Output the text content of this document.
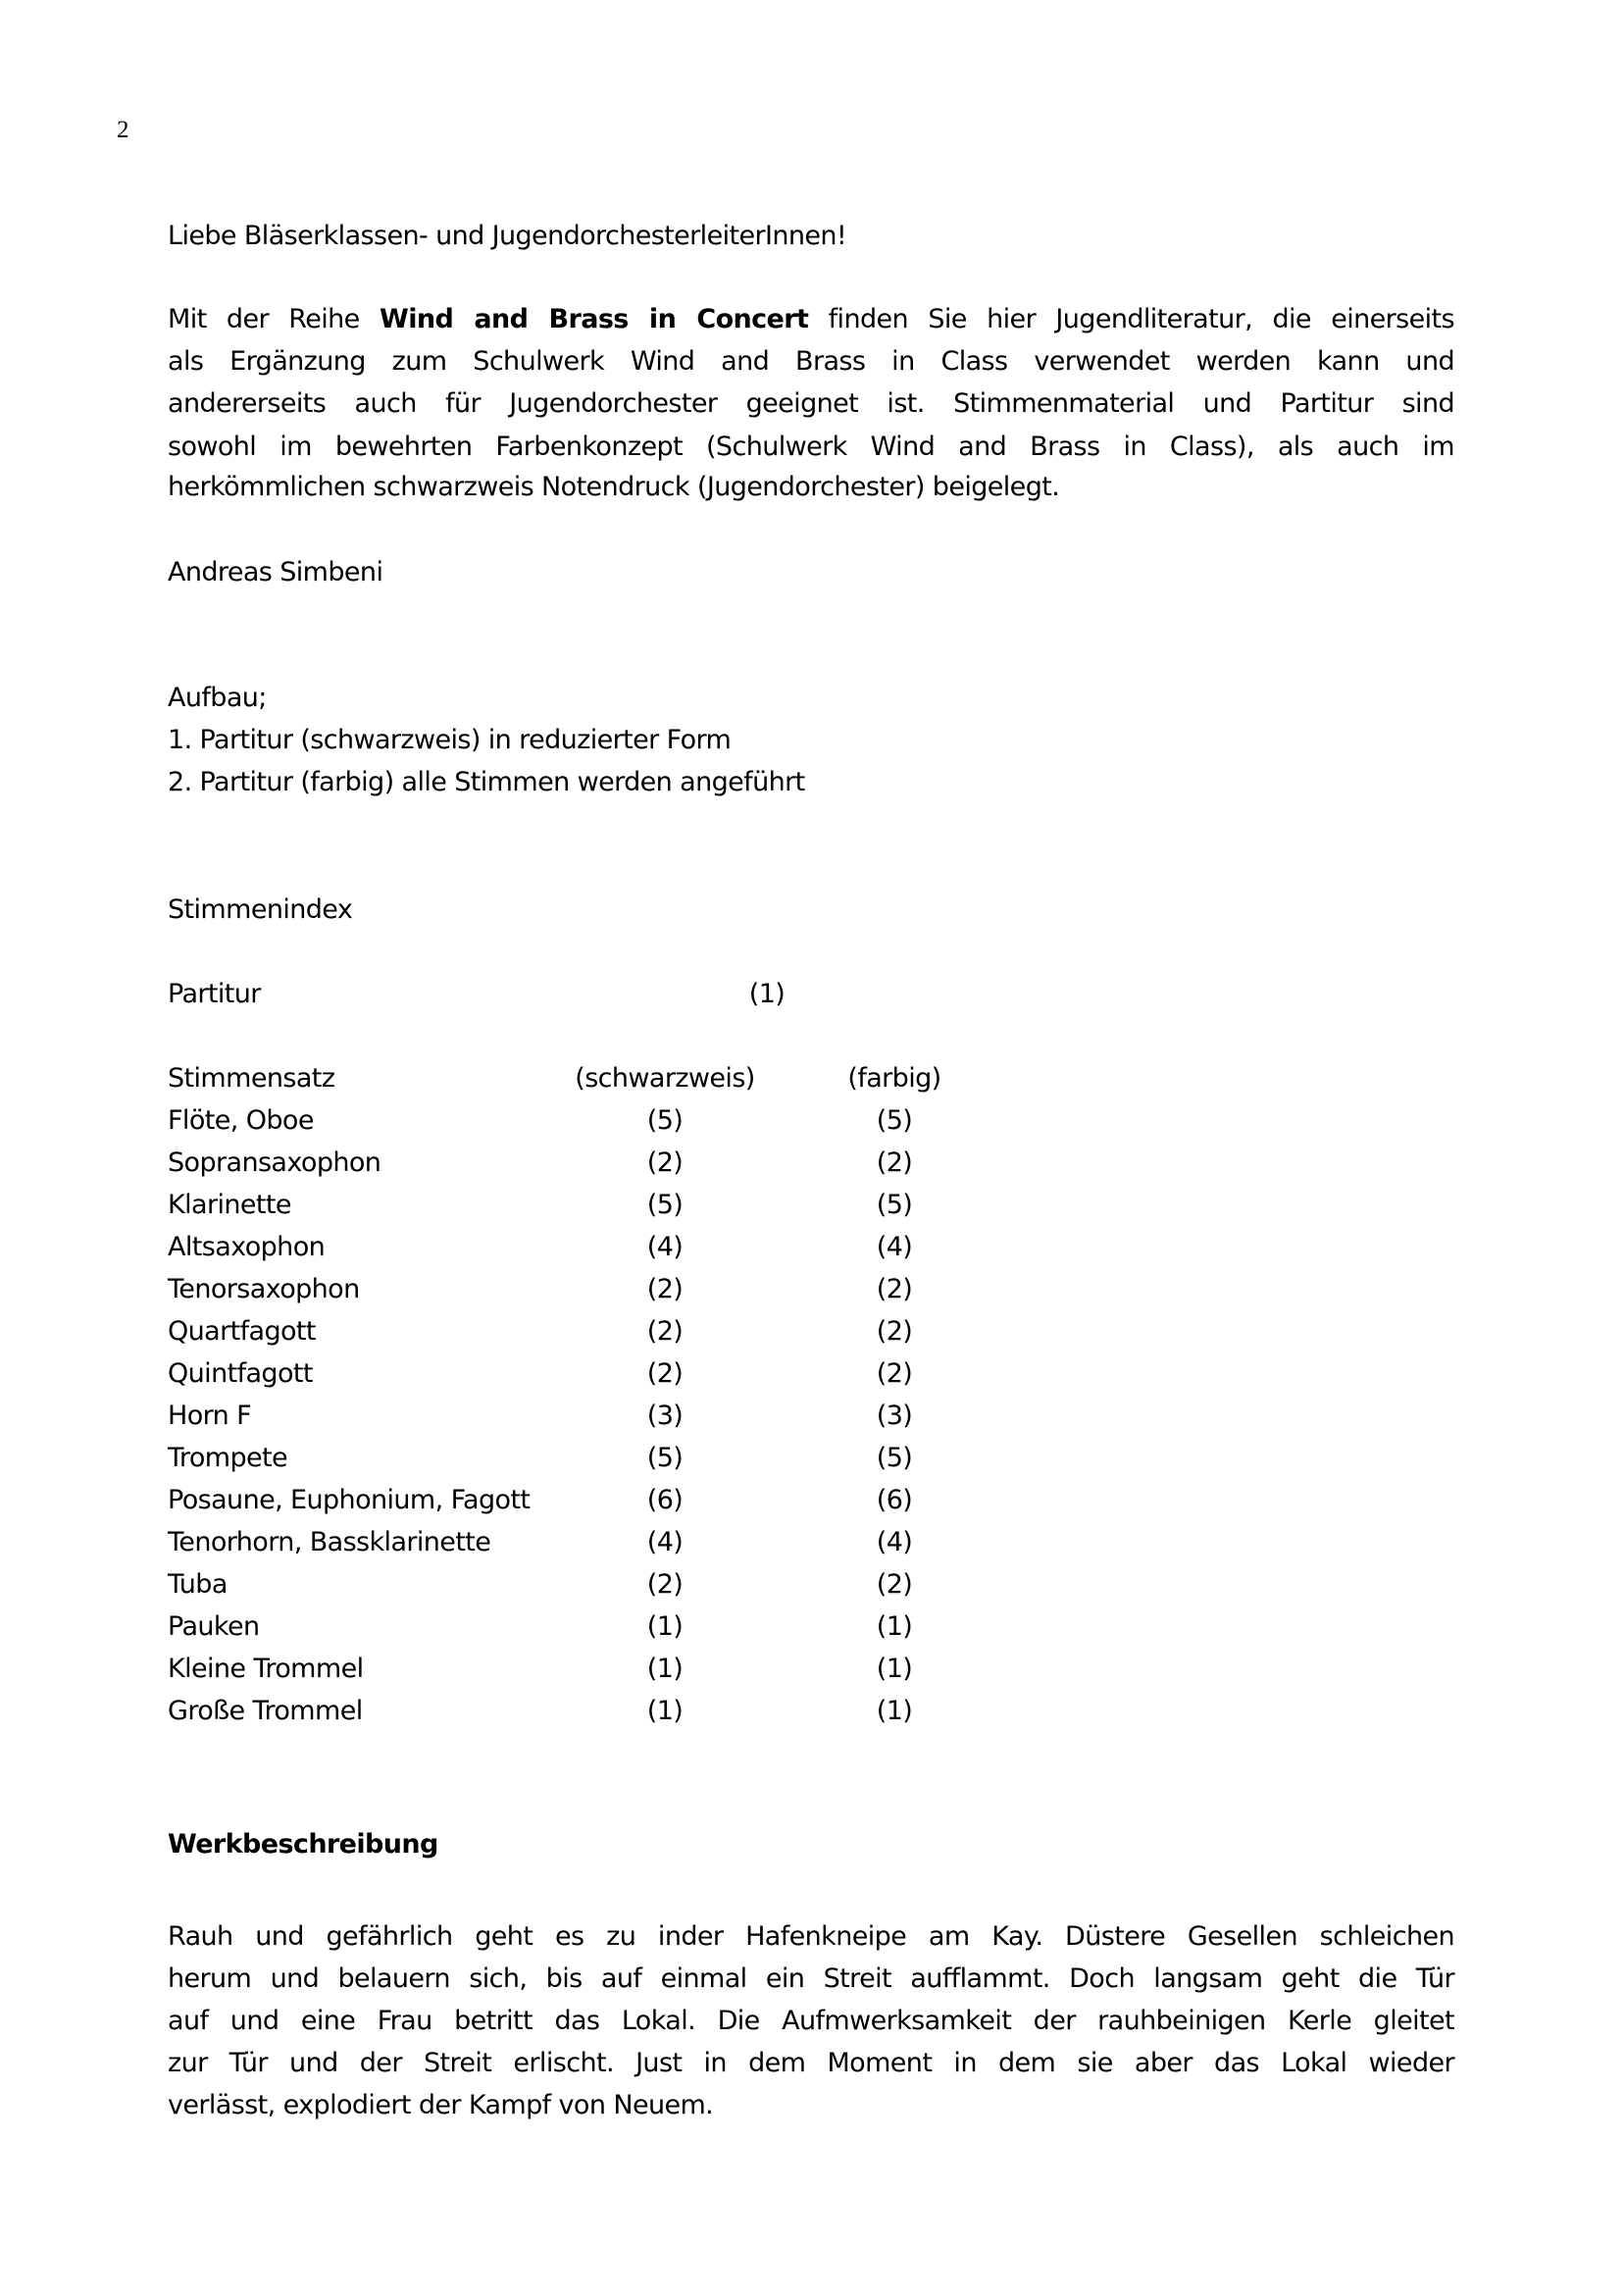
2
Liebe Bläserklassen- und JugendorchesterleiterInnen!
Mit der Reihe Wind and Brass in Concert finden Sie hier Jugendliteratur, die einerseits
als Ergänzung zum Schulwerk Wind and Brass in Class verwendet werden kann und
andererseits auch für Jugendorchester geeignet ist. Stimmenmaterial und Partitur sind
sowohl im bewehrten Farbenkonzept (Schulwerk Wind and Brass in Class), als auch im
herkömmlichen schwarzweis Notendruck (Jugendorchester) beigelegt.
Andreas Simbeni
Aufbau;
1. Partitur (schwarzweis) in reduzierter Form
2. Partitur (farbig) alle Stimmen werden angeführt
Stimmenindex
Partitur	(1)
Stimmensatz	(schwarzweis)	(farbig)
Flöte, Oboe	(5)	(5)
Sopransaxophon	(2)	(2)
Klarinette	(5)	(5)
Altsaxophon	(4)	(4)
Tenorsaxophon	(2)	(2)
Quartfagott	(2)	(2)
Quintfagott	(2)	(2)
Horn F	(3)	(3)
Trompete	(5)	(5)
Posaune, Euphonium, Fagott	(6)	(6)
Tenorhorn, Bassklarinette	(4)	(4)
Tuba	(2)	(2)
Pauken	(1)	(1)
Kleine Trommel	(1)	(1)
Große Trommel	(1)	(1)
Werkbeschreibung
Rauh und gefährlich geht es zu inder Hafenkneipe am Kay. Düstere Gesellen schleichen
herum und belauern sich, bis auf einmal ein Streit aufflammt. Doch langsam geht die Tür
auf und eine Frau betritt das Lokal. Die Aufmwerksamkeit der rauhbeinigen Kerle gleitet
zur Tür und der Streit erlischt. Just in dem Moment in dem sie aber das Lokal wieder
verlässt, explodiert der Kampf von Neuem.
